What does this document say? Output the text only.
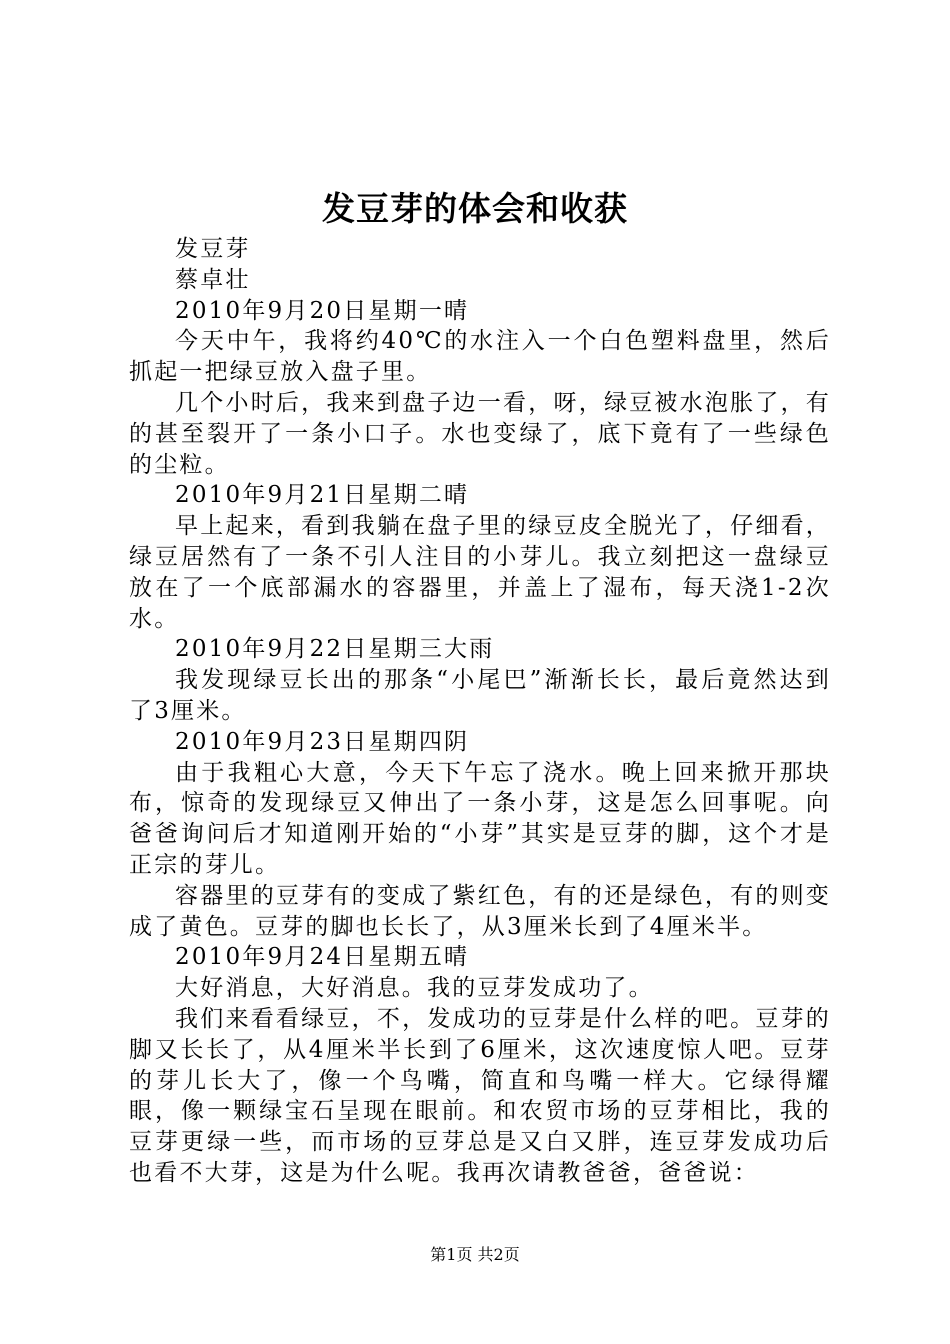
发豆芽的体会和收获

发豆芽

蔡卓壮

2010年9月20日星期一晴

今天中午，我将约40℃的水注入一个白色塑料盘里，然后抓起一把绿豆放入盘子里。

几个小时后，我来到盘子边一看，呀，绿豆被水泡胀了，有的甚至裂开了一条小口子。水也变绿了，底下竟有了一些绿色的尘粒。

2010年9月21日星期二晴

早上起来，看到我躺在盘子里的绿豆皮全脱光了，仔细看，绿豆居然有了一条不引人注目的小芽儿。我立刻把这一盘绿豆放在了一个底部漏水的容器里，并盖上了湿布，每天浇1-2次水。

2010年9月22日星期三大雨

我发现绿豆长出的那条“小尾巴”渐渐长长，最后竟然达到了3厘米。

2010年9月23日星期四阴

由于我粗心大意，今天下午忘了浇水。晚上回来掀开那块布，惊奇的发现绿豆又伸出了一条小芽，这是怎么回事呢。向爸爸询问后才知道刚开始的“小芽”其实是豆芽的脚，这个才是正宗的芽儿。

容器里的豆芽有的变成了紫红色，有的还是绿色，有的则变成了黄色。豆芽的脚也长长了，从3厘米长到了4厘米半。

2010年9月24日星期五晴

大好消息，大好消息。我的豆芽发成功了。

我们来看看绿豆，不，发成功的豆芽是什么样的吧。豆芽的脚又长长了，从4厘米半长到了6厘米，这次速度惊人吧。豆芽的芽儿长大了，像一个鸟嘴，简直和鸟嘴一样大。它绿得耀眼，像一颗绿宝石呈现在眼前。和农贸市场的豆芽相比，我的豆芽更绿一些，而市场的豆芽总是又白又胖，连豆芽发成功后也看不大芽，这是为什么呢。我再次请教爸爸，爸爸说：

第1页 共2页
